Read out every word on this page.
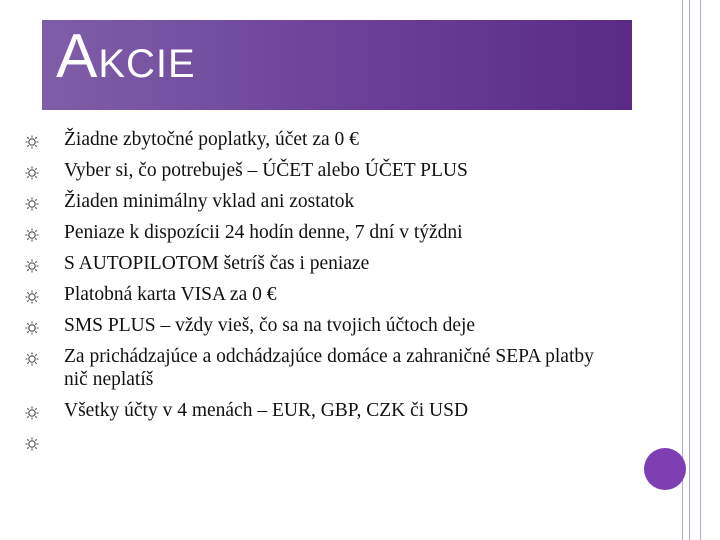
AKCIE
Žiadne zbytočné poplatky, účet za 0 €
Vyber si, čo potrebuješ – ÚČET alebo ÚČET PLUS
Žiaden minimálny vklad ani zostatok
Peniaze k dispozícii 24 hodín denne, 7 dní v týždni
S AUTOPILOTOM šetríš čas i peniaze
Platobná karta VISA za 0 €
SMS PLUS – vždy vieš, čo sa na tvojich účtoch deje
Za prichádzajúce a odchádzajúce domáce a zahraničné SEPA platby nič neplatíš
Všetky účty v 4 menách – EUR, GBP, CZK či USD
